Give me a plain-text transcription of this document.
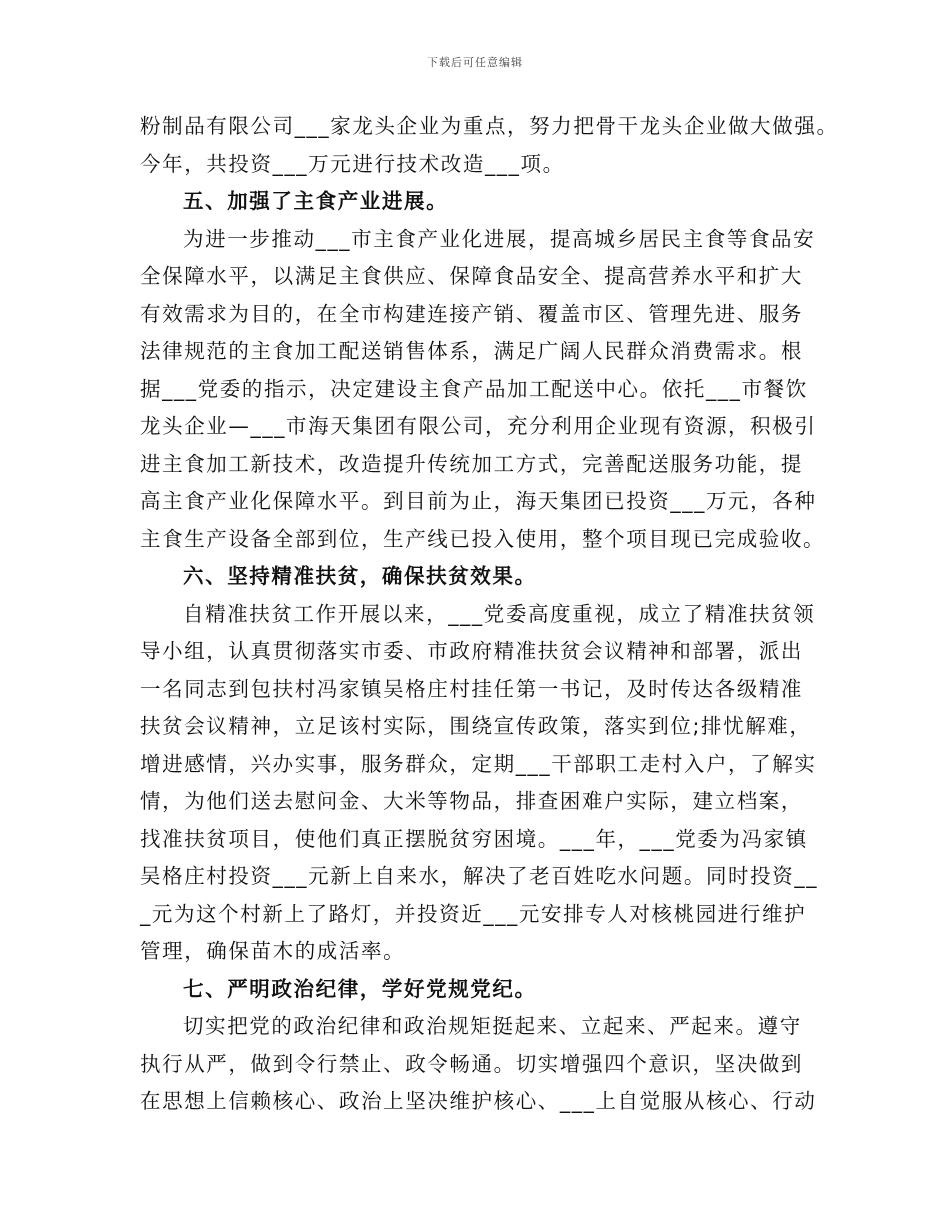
下载后可任意编辑
粉制品有限公司___家龙头企业为重点，努力把骨干龙头企业做大做强。
今年，共投资___万元进行技术改造___项。
五、加强了主食产业进展。
为进一步推动___市主食产业化进展，提高城乡居民主食等食品安
全保障水平，以满足主食供应、保障食品安全、提高营养水平和扩大
有效需求为目的，在全市构建连接产销、覆盖市区、管理先进、服务
法律规范的主食加工配送销售体系，满足广阔人民群众消费需求。根
据___党委的指示，决定建设主食产品加工配送中心。依托___市餐饮
龙头企业—___市海天集团有限公司，充分利用企业现有资源，积极引
进主食加工新技术，改造提升传统加工方式，完善配送服务功能，提
高主食产业化保障水平。到目前为止，海天集团已投资___万元，各种
主食生产设备全部到位，生产线已投入使用，整个项目现已完成验收。
六、坚持精准扶贫，确保扶贫效果。
自精准扶贫工作开展以来，___党委高度重视，成立了精准扶贫领
导小组，认真贯彻落实市委、市政府精准扶贫会议精神和部署，派出
一名同志到包扶村冯家镇吴格庄村挂任第一书记，及时传达各级精准
扶贫会议精神，立足该村实际，围绕宣传政策，落实到位;排忧解难，
增进感情，兴办实事，服务群众，定期___干部职工走村入户，了解实
情，为他们送去慰问金、大米等物品，排查困难户实际，建立档案，
找准扶贫项目，使他们真正摆脱贫穷困境。___年，___党委为冯家镇
吴格庄村投资___元新上自来水，解决了老百姓吃水问题。同时投资__
_元为这个村新上了路灯，并投资近___元安排专人对核桃园进行维护
管理，确保苗木的成活率。
七、严明政治纪律，学好党规党纪。
切实把党的政治纪律和政治规矩挺起来、立起来、严起来。遵守
执行从严，做到令行禁止、政令畅通。切实增强四个意识，坚决做到
在思想上信赖核心、政治上坚决维护核心、___上自觉服从核心、行动
